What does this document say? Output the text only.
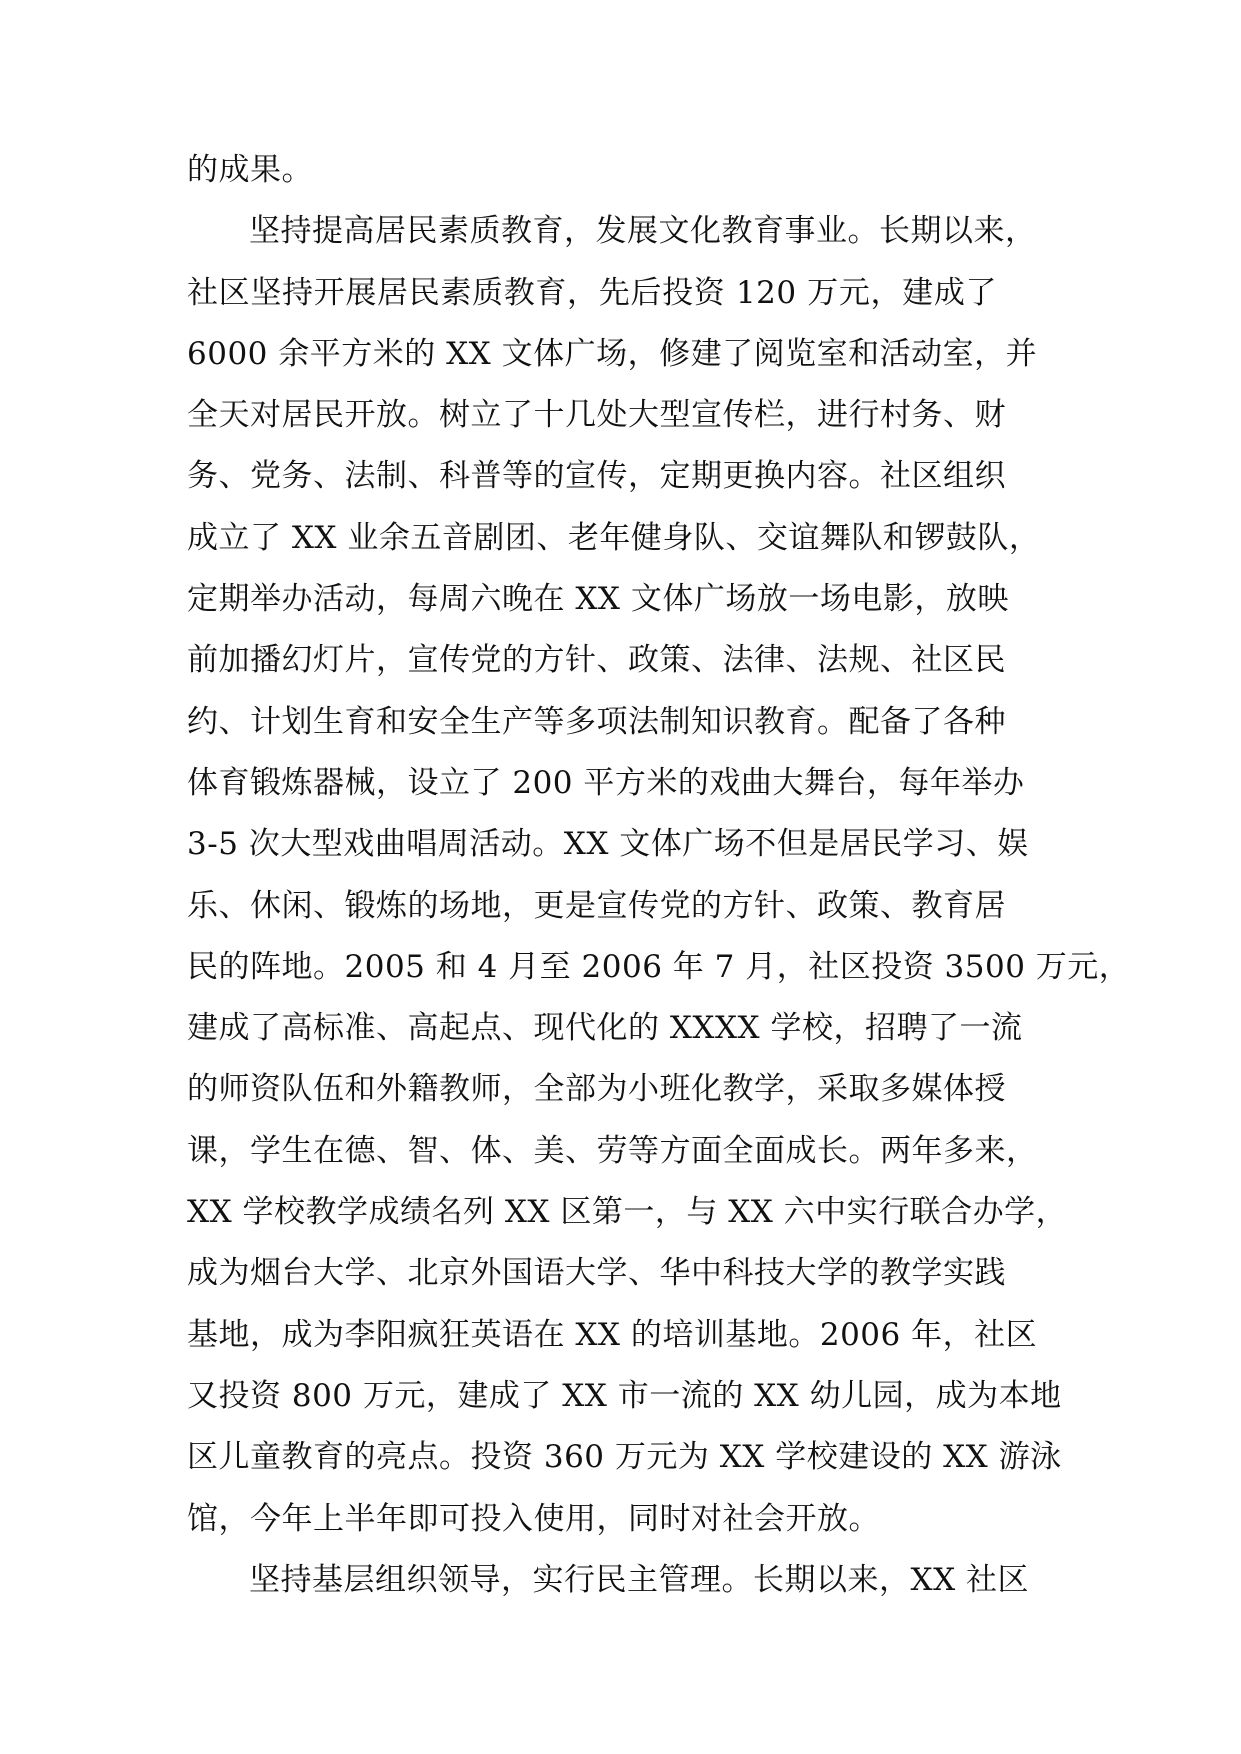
的成果。
坚持提高居民素质教育，发展文化教育事业。长期以来，
社区坚持开展居民素质教育，先后投资 120 万元，建成了
6000 余平方米的 XX 文体广场，修建了阅览室和活动室，并
全天对居民开放。树立了十几处大型宣传栏，进行村务、财
务、党务、法制、科普等的宣传，定期更换内容。社区组织
成立了 XX 业余五音剧团、老年健身队、交谊舞队和锣鼓队，
定期举办活动，每周六晚在 XX 文体广场放一场电影，放映
前加播幻灯片，宣传党的方针、政策、法律、法规、社区民
约、计划生育和安全生产等多项法制知识教育。配备了各种
体育锻炼器械，设立了 200 平方米的戏曲大舞台，每年举办
3-5 次大型戏曲唱周活动。XX 文体广场不但是居民学习、娱
乐、休闲、锻炼的场地，更是宣传党的方针、政策、教育居
民的阵地。2005 和 4 月至 2006 年 7 月，社区投资 3500 万元，
建成了高标准、高起点、现代化的 XXXX 学校，招聘了一流
的师资队伍和外籍教师，全部为小班化教学，采取多媒体授
课，学生在德、智、体、美、劳等方面全面成长。两年多来，
XX 学校教学成绩名列 XX 区第一，与 XX 六中实行联合办学，
成为烟台大学、北京外国语大学、华中科技大学的教学实践
基地，成为李阳疯狂英语在 XX 的培训基地。2006 年，社区
又投资 800 万元，建成了 XX 市一流的 XX 幼儿园，成为本地
区儿童教育的亮点。投资 360 万元为 XX 学校建设的 XX 游泳
馆，今年上半年即可投入使用，同时对社会开放。
坚持基层组织领导，实行民主管理。长期以来，XX 社区
